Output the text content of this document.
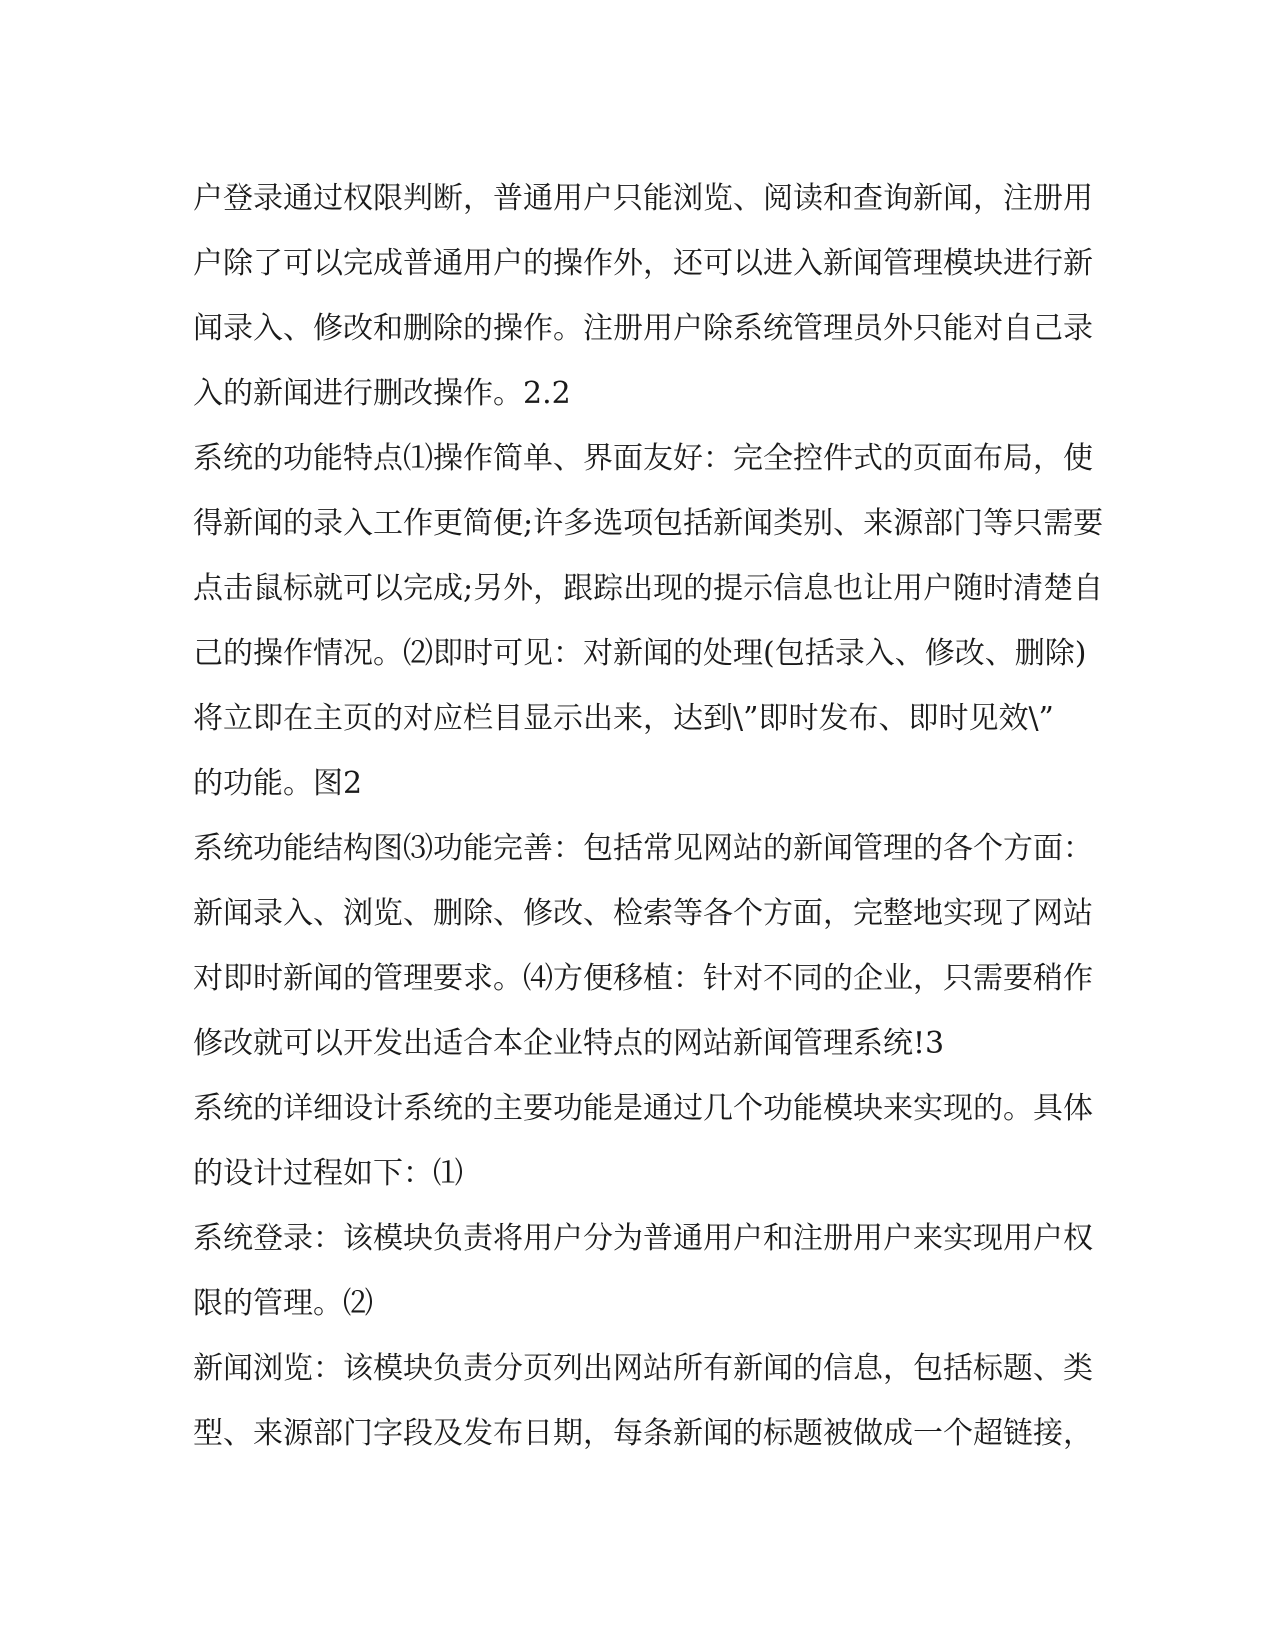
户登录通过权限判断，普通用户只能浏览、阅读和查询新闻，注册用
户除了可以完成普通用户的操作外，还可以进入新闻管理模块进行新
闻录入、修改和删除的操作。注册用户除系统管理员外只能对自己录
入的新闻进行删改操作。2.2
系统的功能特点⑴操作简单、界面友好：完全控件式的页面布局，使
得新闻的录入工作更简便;许多选项包括新闻类别、来源部门等只需要
点击鼠标就可以完成;另外，跟踪出现的提示信息也让用户随时清楚自
己的操作情况。⑵即时可见：对新闻的处理(包括录入、修改、删除)
将立即在主页的对应栏目显示出来，达到\”即时发布、即时见效\”
的功能。图2
系统功能结构图⑶功能完善：包括常见网站的新闻管理的各个方面：
新闻录入、浏览、删除、修改、检索等各个方面，完整地实现了网站
对即时新闻的管理要求。⑷方便移植：针对不同的企业，只需要稍作
修改就可以开发出适合本企业特点的网站新闻管理系统!3
系统的详细设计系统的主要功能是通过几个功能模块来实现的。具体
的设计过程如下：⑴
系统登录：该模块负责将用户分为普通用户和注册用户来实现用户权
限的管理。⑵
新闻浏览：该模块负责分页列出网站所有新闻的信息，包括标题、类
型、来源部门字段及发布日期，每条新闻的标题被做成一个超链接，
